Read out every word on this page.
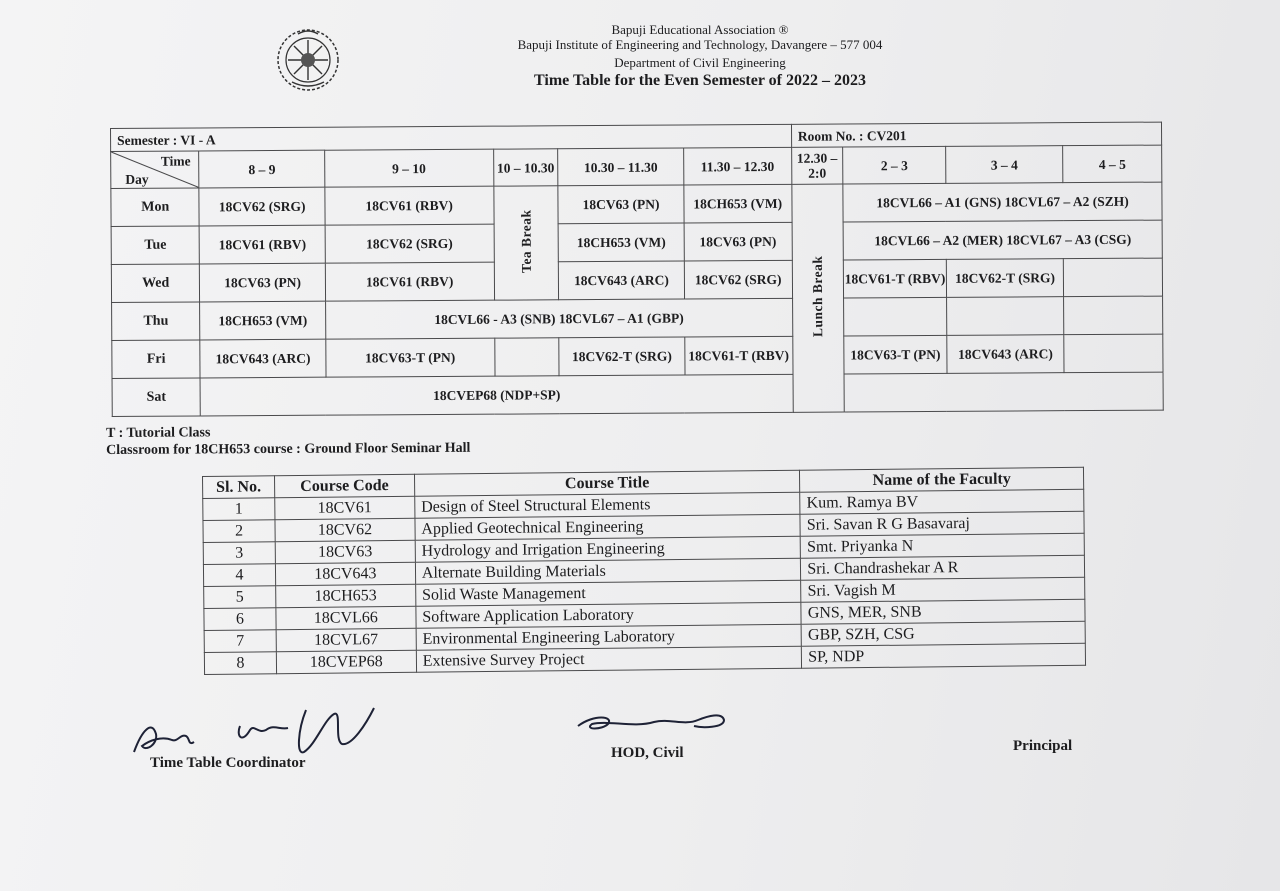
Bapuji Educational Association ®
Bapuji Institute of Engineering and Technology, Davangere – 577 004
Department of Civil Engineering
Time Table for the Even Semester of 2022 – 2023
Semester : VI - A						Room No. : CV201			

Time
Day	8 – 9	9 – 10	10 – 10.30	10.30 – 11.30	11.30 – 12.30	12.30 – 2:0	2 – 3	3 – 4	4 – 5
Mon	18CV62 (SRG)	18CV61 (RBV)	Tea Break	18CV63 (PN)	18CH653 (VM)	Lunch Break	18CVL66 – A1 (GNS) 18CVL67 – A2 (SZH)		
Tue	18CV61 (RBV)	18CV62 (SRG)		18CH653 (VM)	18CV63 (PN)		18CVL66 – A2 (MER) 18CVL67 – A3 (CSG)		
Wed	18CV63 (PN)	18CV61 (RBV)		18CV643 (ARC)	18CV62 (SRG)		18CV61-T (RBV)	18CV62-T (SRG)	
Thu	18CH653 (VM)	18CVL66 - A3 (SNB) 18CVL67 – A1 (GBP)							
Fri	18CV643 (ARC)	18CV63-T (PN)		18CV62-T (SRG)	18CV61-T (RBV)		18CV63-T (PN)	18CV643 (ARC)	
Sat	18CVEP68 (NDP+SP)								
T : Tutorial Class
Classroom for 18CH653 course : Ground Floor Seminar Hall
Sl. No.	Course Code	Course Title	Name of the Faculty
1	18CV61	Design of Steel Structural Elements	Kum. Ramya BV
2	18CV62	Applied Geotechnical Engineering	Sri. Savan R G Basavaraj
3	18CV63	Hydrology and Irrigation Engineering	Smt. Priyanka N
4	18CV643	Alternate Building Materials	Sri. Chandrashekar A R
5	18CH653	Solid Waste Management	Sri. Vagish M
6	18CVL66	Software Application Laboratory	GNS, MER, SNB
7	18CVL67	Environmental Engineering Laboratory	GBP, SZH, CSG
8	18CVEP68	Extensive Survey Project	SP, NDP
Time Table Coordinator
HOD, Civil	Principal
